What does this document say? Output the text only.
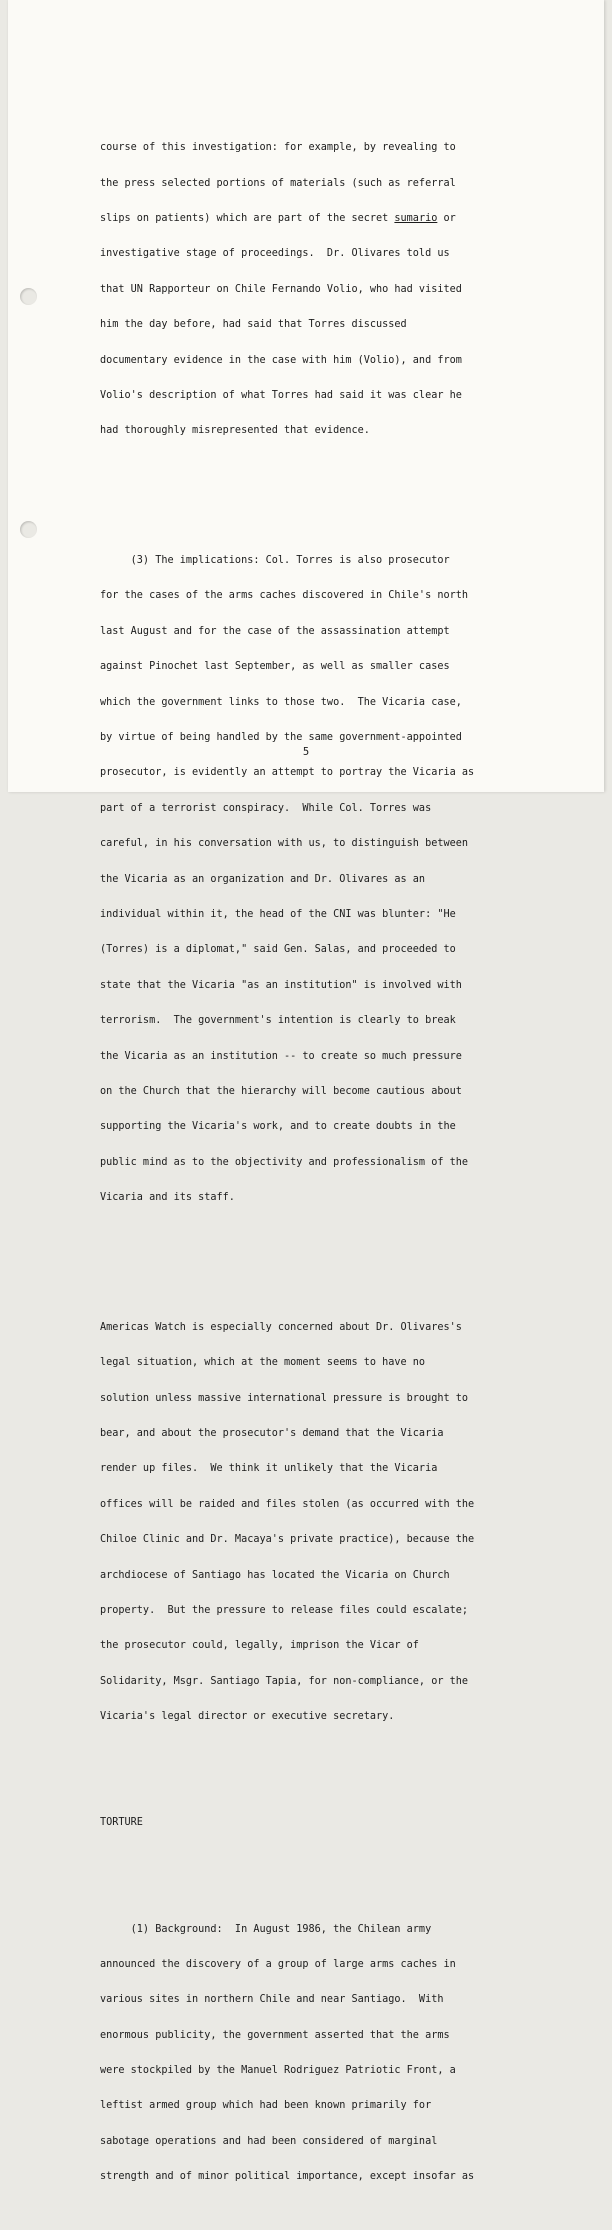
course of this investigation: for example, by revealing to

the press selected portions of materials (such as referral

slips on patients) which are part of the secret sumario or

investigative stage of proceedings.  Dr. Olivares told us

that UN Rapporteur on Chile Fernando Volio, who had visited

him the day before, had said that Torres discussed

documentary evidence in the case with him (Volio), and from

Volio's description of what Torres had said it was clear he

had thoroughly misrepresented that evidence.

(3) The implications: Col. Torres is also prosecutor

for the cases of the arms caches discovered in Chile's north

last August and for the case of the assassination attempt

against Pinochet last September, as well as smaller cases

which the government links to those two.  The Vicaria case,

by virtue of being handled by the same government-appointed

prosecutor, is evidently an attempt to portray the Vicaria as

part of a terrorist conspiracy.  While Col. Torres was

careful, in his conversation with us, to distinguish between

the Vicaria as an organization and Dr. Olivares as an

individual within it, the head of the CNI was blunter: "He

(Torres) is a diplomat," said Gen. Salas, and proceeded to

state that the Vicaria "as an institution" is involved with

terrorism.  The government's intention is clearly to break

the Vicaria as an institution -- to create so much pressure

on the Church that the hierarchy will become cautious about

supporting the Vicaria's work, and to create doubts in the

public mind as to the objectivity and professionalism of the

Vicaria and its staff.

Americas Watch is especially concerned about Dr. Olivares's

legal situation, which at the moment seems to have no

solution unless massive international pressure is brought to

bear, and about the prosecutor's demand that the Vicaria

render up files.  We think it unlikely that the Vicaria

offices will be raided and files stolen (as occurred with the

Chiloe Clinic and Dr. Macaya's private practice), because the

archdiocese of Santiago has located the Vicaria on Church

property.  But the pressure to release files could escalate;

the prosecutor could, legally, imprison the Vicar of

Solidarity, Msgr. Santiago Tapia, for non-compliance, or the

Vicaria's legal director or executive secretary.

TORTURE

(1) Background:  In August 1986, the Chilean army

announced the discovery of a group of large arms caches in

various sites in northern Chile and near Santiago.  With

enormous publicity, the government asserted that the arms

were stockpiled by the Manuel Rodriguez Patriotic Front, a

leftist armed group which had been known primarily for

sabotage operations and had been considered of marginal

strength and of minor political importance, except insofar as

5
